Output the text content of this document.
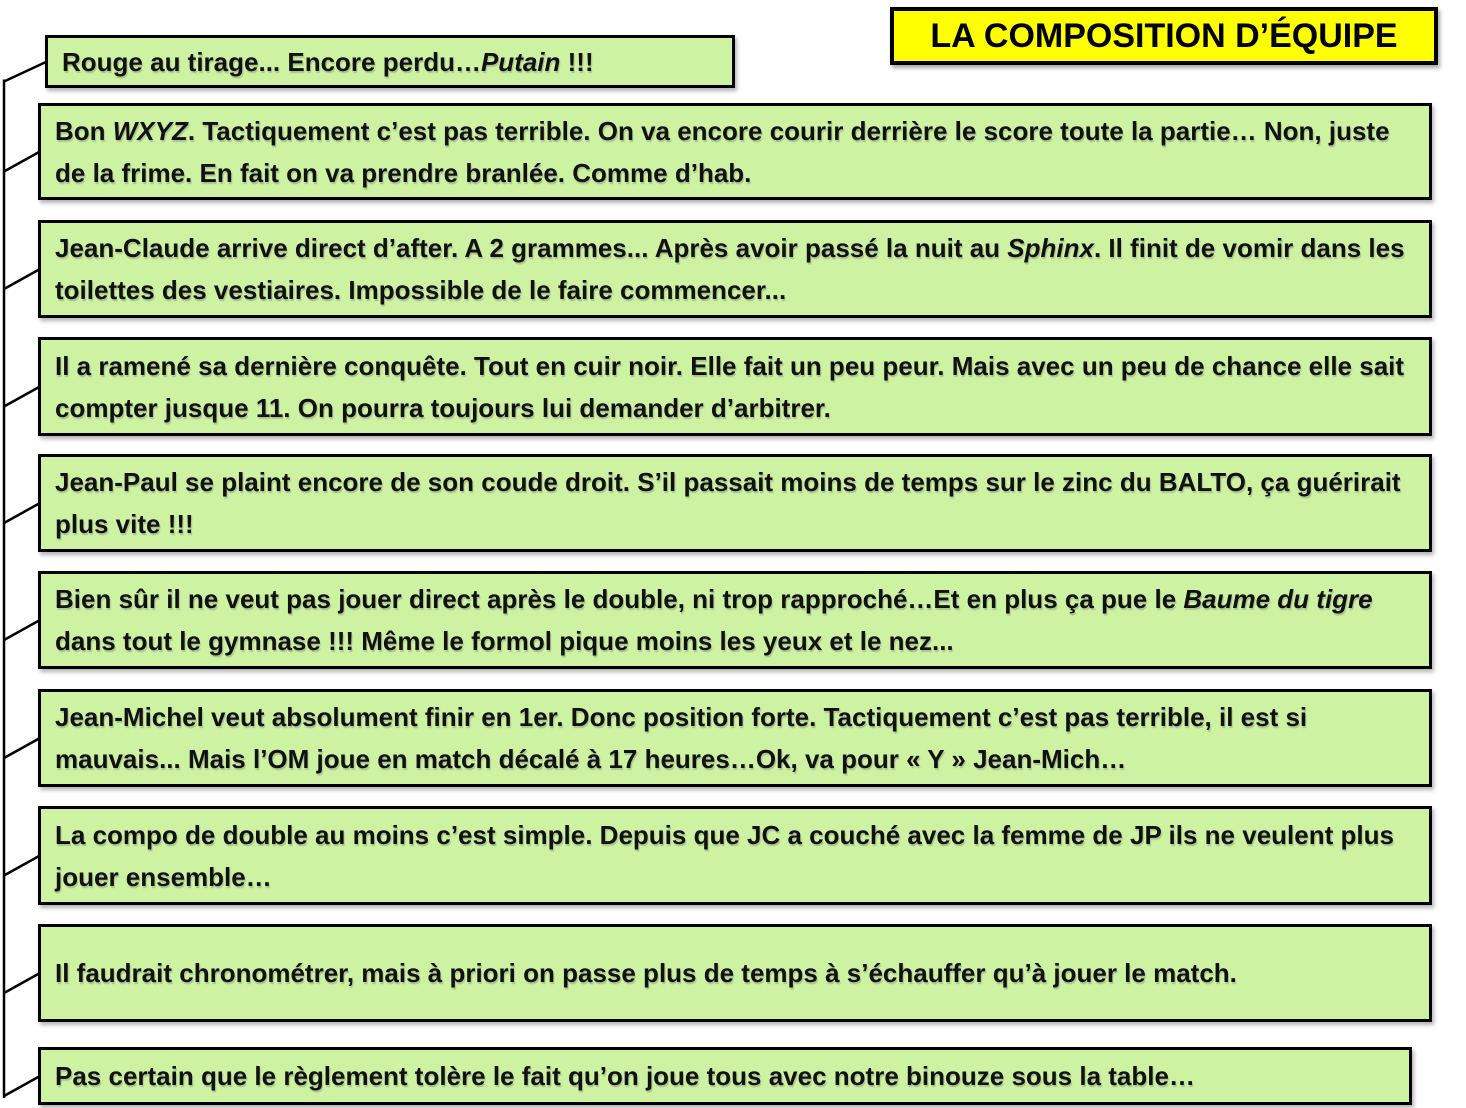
LA COMPOSITION D’ÉQUIPE
Rouge au tirage... Encore perdu…Putain !!!
Bon WXYZ. Tactiquement c’est pas terrible. On va encore courir derrière le score toute la partie… Non, juste de la frime. En fait on va prendre branlée. Comme d’hab.
Jean-Claude arrive direct d’after. A 2 grammes... Après avoir passé la nuit au Sphinx. Il finit de vomir dans les toilettes des vestiaires. Impossible de le faire commencer...
Il a ramené sa dernière conquête. Tout en cuir noir. Elle fait un peu peur. Mais avec un peu de chance elle sait compter jusque 11. On pourra toujours lui demander d’arbitrer.
Jean-Paul se plaint encore de son coude droit. S’il passait moins de temps sur le zinc du BALTO, ça guérirait plus vite !!!
Bien sûr il ne veut pas jouer direct après le double, ni trop rapproché…Et en plus ça pue le Baume du tigre dans tout le gymnase !!! Même le formol pique moins les yeux et le nez...
Jean-Michel veut absolument finir en 1er. Donc position forte. Tactiquement c’est pas terrible, il est si mauvais... Mais l’OM joue en match décalé à 17 heures…Ok, va pour « Y » Jean-Mich…
La compo de double au moins c’est simple. Depuis que JC a couché avec la femme de JP ils ne veulent plus jouer ensemble…
Il faudrait chronométrer, mais à priori on passe plus de temps à s’échauffer qu’à jouer le match.
Pas certain que le règlement tolère le fait qu’on joue tous avec notre binouze sous la table…
